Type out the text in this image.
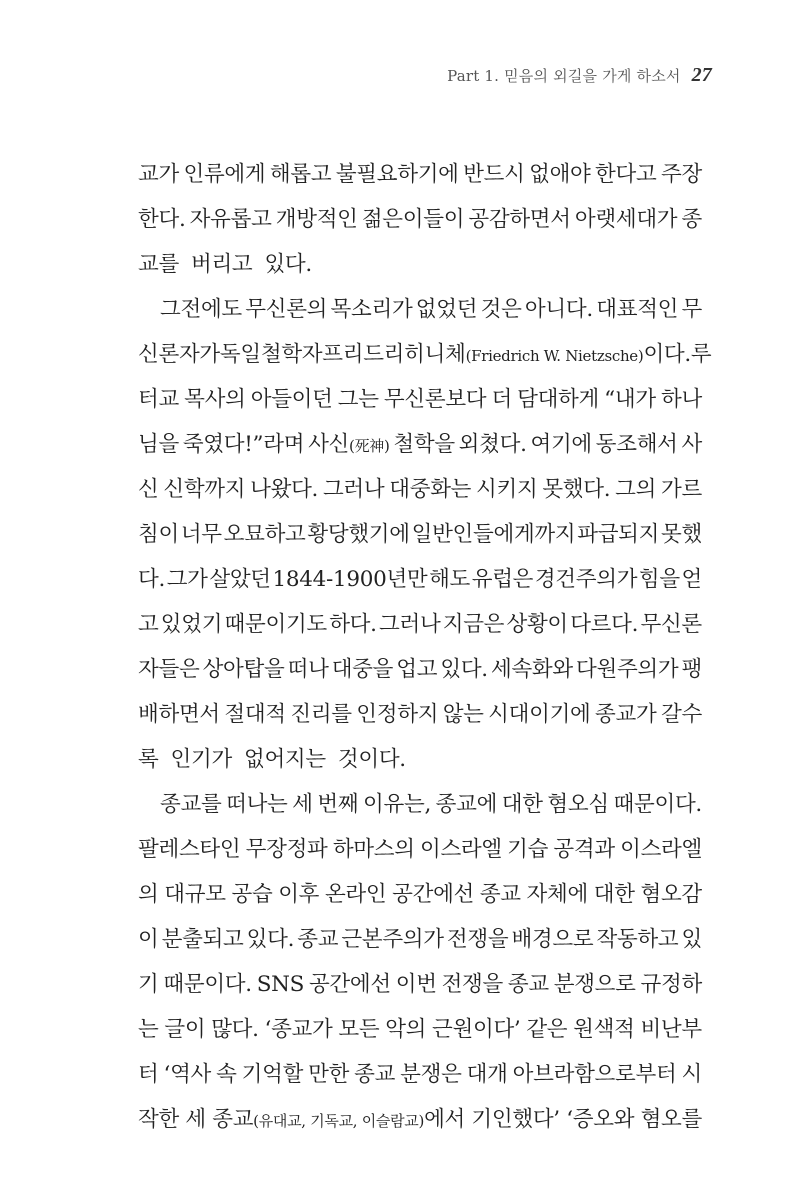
Part 1. 믿음의 외길을 가게 하소서 27
교가 인류에게 해롭고 불필요하기에 반드시 없애야 한다고 주장
한다. 자유롭고 개방적인 젊은이들이 공감하면서 아랫세대가 종
교를 버리고 있다.
그전에도 무신론의 목소리가 없었던 것은 아니다. 대표적인 무
신론자가 독일 철학자 프리드리히 니체(Friedrich W. Nietzsche)이다. 루
터교 목사의 아들이던 그는 무신론보다 더 담대하게 “내가 하나
님을 죽였다!”라며 사신(死神) 철학을 외쳤다. 여기에 동조해서 사
신 신학까지 나왔다. 그러나 대중화는 시키지 못했다. 그의 가르
침이 너무 오묘하고 황당했기에 일반인들에게까지 파급되지 못했
다. 그가 살았던 1844-1900년만 해도 유럽은 경건주의가 힘을 얻
고 있었기 때문이기도 하다. 그러나 지금은 상황이 다르다. 무신론
자들은 상아탑을 떠나 대중을 업고 있다. 세속화와 다원주의가 팽
배하면서 절대적 진리를 인정하지 않는 시대이기에 종교가 갈수
록 인기가 없어지는 것이다.
종교를 떠나는 세 번째 이유는, 종교에 대한 혐오심 때문이다.
팔레스타인 무장정파 하마스의 이스라엘 기습 공격과 이스라엘
의 대규모 공습 이후 온라인 공간에선 종교 자체에 대한 혐오감
이 분출되고 있다. 종교 근본주의가 전쟁을 배경으로 작동하고 있
기 때문이다. SNS 공간에선 이번 전쟁을 종교 분쟁으로 규정하
는 글이 많다. ‘종교가 모든 악의 근원이다’ 같은 원색적 비난부
터 ‘역사 속 기억할 만한 종교 분쟁은 대개 아브라함으로부터 시
작한 세 종교(유대교, 기독교, 이슬람교)에서 기인했다’ ‘증오와 혐오를
